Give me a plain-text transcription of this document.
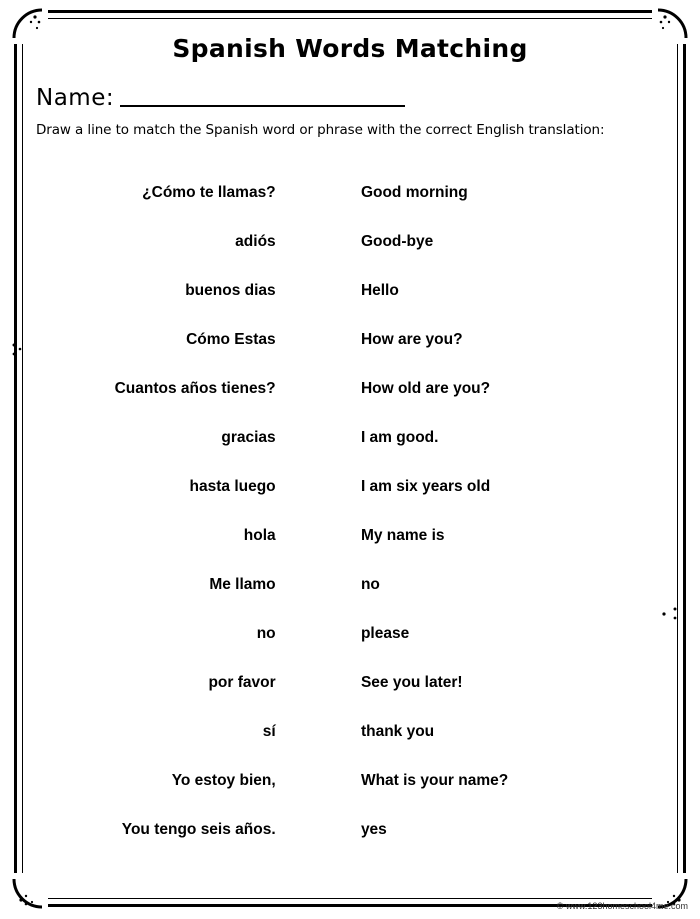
Spanish Words Matching
Name:
Draw a line to match the Spanish word or phrase with the correct English translation:
¿Cómo te llamas?
adiós
buenos dias
Cómo Estas
Cuantos años tienes?
gracias
hasta luego
hola
Me llamo
no
por favor
sí
Yo estoy bien,
You tengo seis años.
Good morning
Good-bye
Hello
How are you?
How old are you?
I am good.
I am six years old
My name is
no
please
See you later!
thank you
What is your name?
yes
© www.123homeschool4me.com
